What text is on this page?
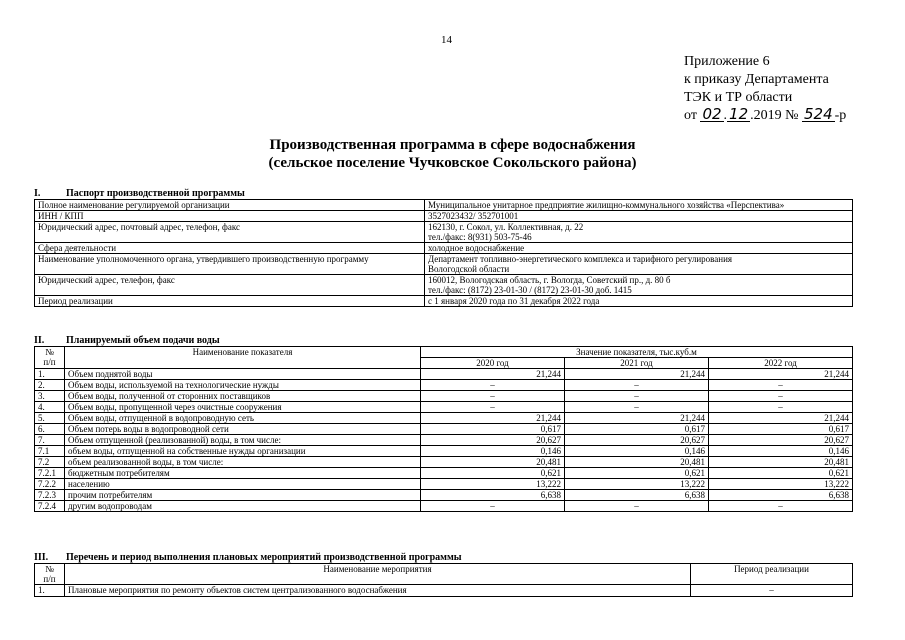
14
Приложение 6
к приказу Департамента
ТЭК и ТР области
от 02 . 12 .2019 № 524 -р
Производственная программа в сфере водоснабжения
(сельское поселение Чучковское Сокольского района)
I.	Паспорт производственной программы
Полное наименование регулируемой организации	Муниципальное унитарное предприятие жилищно-коммунального хозяйства «Перспектива»
ИНН / КПП	3527023432/ 352701001
Юридический адрес, почтовый адрес, телефон, факс	162130, г. Сокол, ул. Коллективная, д. 22
тел./факс: 8(931) 503-75-46

Сфера деятельности	холодное водоснабжение
Наименование уполномоченного органа, утвердившего производственную программу	Департамент топливно-энергетического комплекса и тарифного регулирования
Вологодской области

Юридический адрес, телефон, факс	160012, Вологодская область, г. Вологда, Советский пр., д. 80 б
тел./факс: (8172) 23-01-30 / (8172) 23-01-30 доб. 1415

Период реализации	с 1 января 2020 года по 31 декабря 2022 года
II. Планируемый объем подачи воды
№
п/п	Наименование показателя	Значение показателя, тыс.куб.м		
		2020 год	2021 год	2022 год
1.	Объем поднятой воды	21,244	21,244	21,244
2.	Объем воды, используемой на технологические нужды	–	–	–
3.	Объем воды, полученной от сторонних поставщиков	–	–	–
4.	Объем воды, пропущенной через очистные сооружения	–	–	–
5.	Объем воды, отпущенной в водопроводную сеть	21,244	21,244	21,244
6.	Объем потерь воды в водопроводной сети	0,617	0,617	0,617
7.	Объем отпущенной (реализованной) воды, в том числе:	20,627	20,627	20,627
7.1	объем воды, отпущенной на собственные нужды организации	0,146	0,146	0,146
7.2	объем реализованной воды, в том числе:	20,481	20,481	20,481
7.2.1	бюджетным потребителям	0,621	0,621	0,621
7.2.2	населению	13,222	13,222	13,222
7.2.3	прочим потребителям	6,638	6,638	6,638
7.2.4	другим водопроводам	–	–	–
III. Перечень и период выполнения плановых мероприятий производственной программы
№
п/п	Наименование мероприятия	Период реализации
1.	Плановые мероприятия по ремонту объектов систем централизованного водоснабжения	–
